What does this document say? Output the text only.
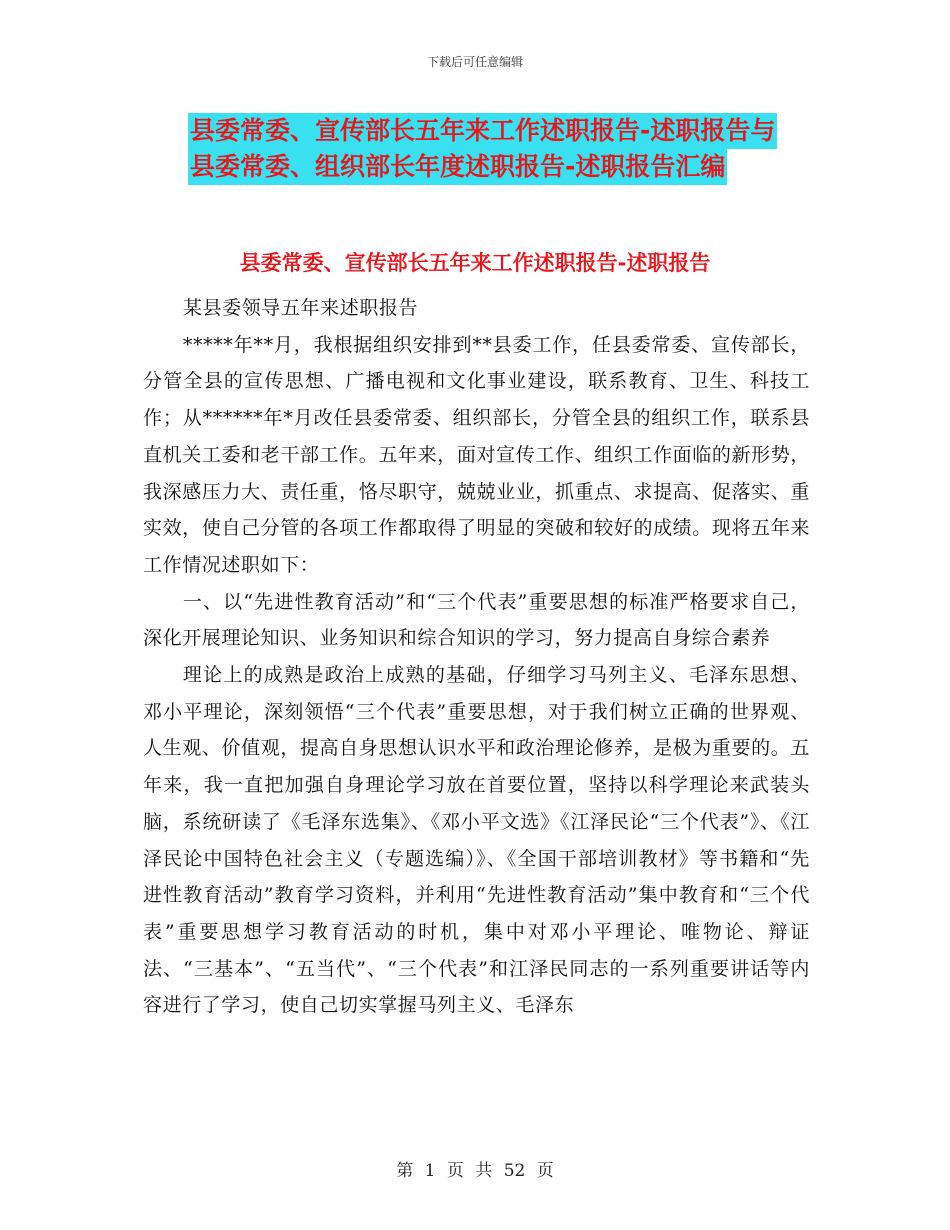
下载后可任意编辑
县委常委、宣传部长五年来工作述职报告-述职报告与
县委常委、组织部长年度述职报告-述职报告汇编
县委常委、宣传部长五年来工作述职报告-述职报告

某县委领导五年来述职报告

*****年**月，我根据组织安排到**县委工作，任县委常委、宣传部长，分管全县的宣传思想、广播电视和文化事业建设，联系教育、卫生、科技工作；从******年*月改任县委常委、组织部长，分管全县的组织工作，联系县直机关工委和老干部工作。五年来，面对宣传工作、组织工作面临的新形势，我深感压力大、责任重，恪尽职守，兢兢业业，抓重点、求提高、促落实、重实效，使自己分管的各项工作都取得了明显的突破和较好的成绩。现将五年来工作情况述职如下：

一、以“先进性教育活动”和“三个代表”重要思想的标准严格要求自己，深化开展理论知识、业务知识和综合知识的学习，努力提高自身综合素养

理论上的成熟是政治上成熟的基础，仔细学习马列主义、毛泽东思想、邓小平理论，深刻领悟“三个代表”重要思想，对于我们树立正确的世界观、人生观、价值观，提高自身思想认识水平和政治理论修养，是极为重要的。五年来，我一直把加强自身理论学习放在首要位置，坚持以科学理论来武装头脑，系统研读了《毛泽东选集》、《邓小平文选》《江泽民论“三个代表”》、《江泽民论中国特色社会主义（专题选编）》、《全国干部培训教材》等书籍和“先进性教育活动”教育学习资料，并利用“先进性教育活动”集中教育和“三个代表”重要思想学习教育活动的时机，集中对邓小平理论、唯物论、辩证法、“三基本”、“五当代”、“三个代表”和江泽民同志的一系列重要讲话等内容进行了学习，使自己切实掌握马列主义、毛泽东

第 1 页 共 52 页
